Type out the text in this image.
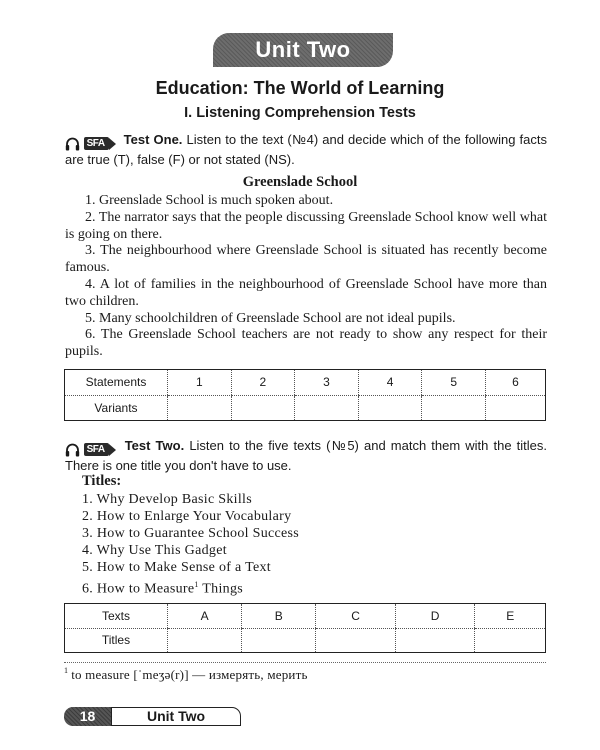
Unit Two
Education: The World of Learning
I. Listening Comprehension Tests
SFA Test One. Listen to the text (№4) and decide which of the following facts are true (T), false (F) or not stated (NS).
Greenslade School

1. Greenslade School is much spoken about.

2. The narrator says that the people discussing Greenslade School know well what is going on there.

3. The neighbourhood where Greenslade School is situated has recently become famous.

4. A lot of families in the neighbourhood of Greenslade School have more than two children.

5. Many schoolchildren of Greenslade School are not ideal pupils.

6. The Greenslade School teachers are not ready to show any respect for their pupils.

Statements	1	2	3	4	5	6
Variants						
SFA Test Two. Listen to the five texts (№5) and match them with the titles. There is one title you don't have to use.
Titles:
1. Why Develop Basic Skills
2. How to Enlarge Your Vocabulary
3. How to Guarantee School Success
4. Why Use This Gadget
5. How to Make Sense of a Text
6. How to Measure$^1$ Things
Texts	A	B	C	D	E
Titles					
$^1$ to measure [ˈmeʒə(r)] — измерять, мерить
18	Unit Two
